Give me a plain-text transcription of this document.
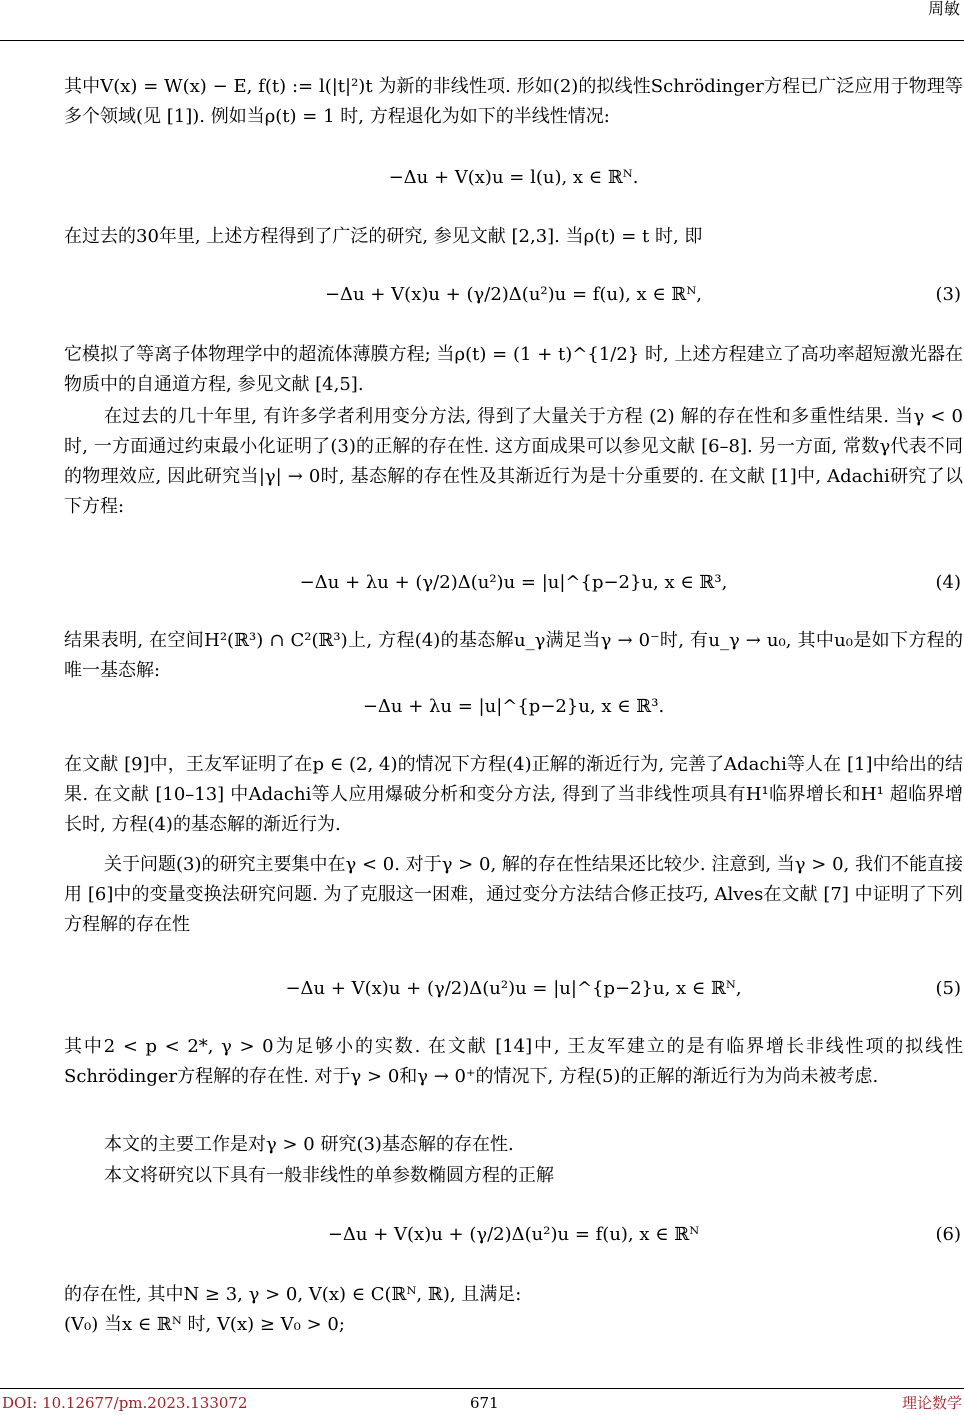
周敏

其中V(x) = W(x) − E, f(t) := l(|t|²)t 为新的非线性项. 形如(2)的拟线性Schrödinger方程已广泛应用于物理等多个领域(见 [1]). 例如当ρ(t) = 1 时, 方程退化为如下的半线性情况:

−Δu + V(x)u = l(u), x ∈ ℝᴺ.

在过去的30年里, 上述方程得到了广泛的研究, 参见文献 [2,3]. 当ρ(t) = t 时, 即

−Δu + V(x)u + (γ/2)Δ(u²)u = f(u), x ∈ ℝᴺ,	(3)

它模拟了等离子体物理学中的超流体薄膜方程; 当ρ(t) = (1 + t)^{1/2} 时, 上述方程建立了高功率超短激光器在物质中的自通道方程, 参见文献 [4,5].

在过去的几十年里, 有许多学者利用变分方法, 得到了大量关于方程 (2) 解的存在性和多重性结果. 当γ < 0时, 一方面通过约束最小化证明了(3)的正解的存在性. 这方面成果可以参见文献 [6–8]. 另一方面, 常数γ代表不同的物理效应, 因此研究当|γ| → 0时, 基态解的存在性及其渐近行为是十分重要的. 在文献 [1]中, Adachi研究了以下方程:

−Δu + λu + (γ/2)Δ(u²)u = |u|^{p−2}u, x ∈ ℝ³,	(4)

结果表明, 在空间H²(ℝ³) ∩ C²(ℝ³)上, 方程(4)的基态解u_γ满足当γ → 0⁻时, 有u_γ → u₀, 其中u₀是如下方程的唯一基态解:

−Δu + λu = |u|^{p−2}u, x ∈ ℝ³.

在文献 [9]中，王友军证明了在p ∈ (2, 4)的情况下方程(4)正解的渐近行为, 完善了Adachi等人在 [1]中给出的结果. 在文献 [10–13] 中Adachi等人应用爆破分析和变分方法, 得到了当非线性项具有H¹临界增长和H¹ 超临界增长时, 方程(4)的基态解的渐近行为.

关于问题(3)的研究主要集中在γ < 0. 对于γ > 0, 解的存在性结果还比较少. 注意到, 当γ > 0, 我们不能直接用 [6]中的变量变换法研究问题. 为了克服这一困难，通过变分方法结合修正技巧, Alves在文献 [7] 中证明了下列方程解的存在性

−Δu + V(x)u + (γ/2)Δ(u²)u = |u|^{p−2}u, x ∈ ℝᴺ,	(5)

其中2 < p < 2*, γ > 0为足够小的实数. 在文献 [14]中, 王友军建立的是有临界增长非线性项的拟线性Schrödinger方程解的存在性. 对于γ > 0和γ → 0⁺的情况下, 方程(5)的正解的渐近行为为尚未被考虑.

本文的主要工作是对γ > 0 研究(3)基态解的存在性.

本文将研究以下具有一般非线性的单参数椭圆方程的正解

−Δu + V(x)u + (γ/2)Δ(u²)u = f(u), x ∈ ℝᴺ	(6)

的存在性, 其中N ≥ 3, γ > 0, V(x) ∈ C(ℝᴺ, ℝ), 且满足:

(V₀) 当x ∈ ℝᴺ 时, V(x) ≥ V₀ > 0;

DOI: 10.12677/pm.2023.133072	671	理论数学
